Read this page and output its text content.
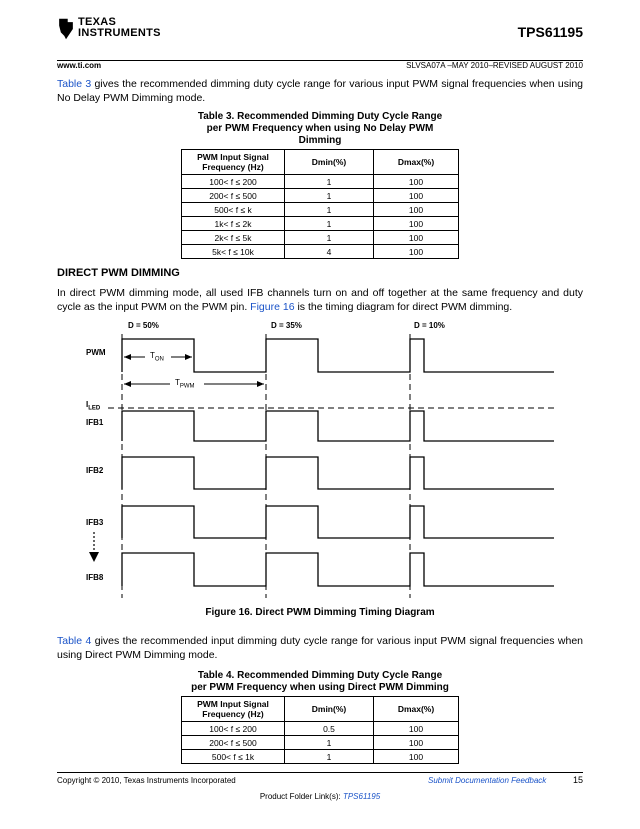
TEXAS
INSTRUMENTS	TPS61195
www.ti.com	SLVSA07A –MAY 2010–REVISED AUGUST 2010

Table 3 gives the recommended dimming duty cycle range for various input PWM signal frequencies when using No Delay PWM Dimming mode.

Table 3. Recommended Dimming Duty Cycle Range
per PWM Frequency when using No Delay PWM
Dimming
PWM Input Signal Frequency (Hz)	Dmin(%)	Dmax(%)
100< f ≤ 200	1	100
200< f ≤ 500	1	100
500< f ≤ k	1	100
1k< f ≤ 2k	1	100
2k< f ≤ 5k	1	100
5k< f ≤ 10k	4	100
DIRECT PWM DIMMING

In direct PWM dimming mode, all used IFB channels turn on and off together at the same frequency and duty cycle as the input PWM on the PWM pin. Figure 16 is the timing diagram for direct PWM dimming.

D = 50%	D = 35%	D = 10%
PWM
$I_{LED}$
IFB1
IFB2
IFB3
IFB8
$T_{ON}$
$T_{PWM}$

Figure 16. Direct PWM Dimming Timing Diagram

Table 4 gives the recommended input dimming duty cycle range for various input PWM signal frequencies when using Direct PWM Dimming mode.

Table 4. Recommended Dimming Duty Cycle Range
per PWM Frequency when using Direct PWM Dimming
PWM Input Signal Frequency (Hz)	Dmin(%)	Dmax(%)
100< f ≤ 200	0.5	100
200< f ≤ 500	1	100
500< f ≤ 1k	1	100
Copyright © 2010, Texas Instruments Incorporated	Submit Documentation Feedback	15
Product Folder Link(s): TPS61195
